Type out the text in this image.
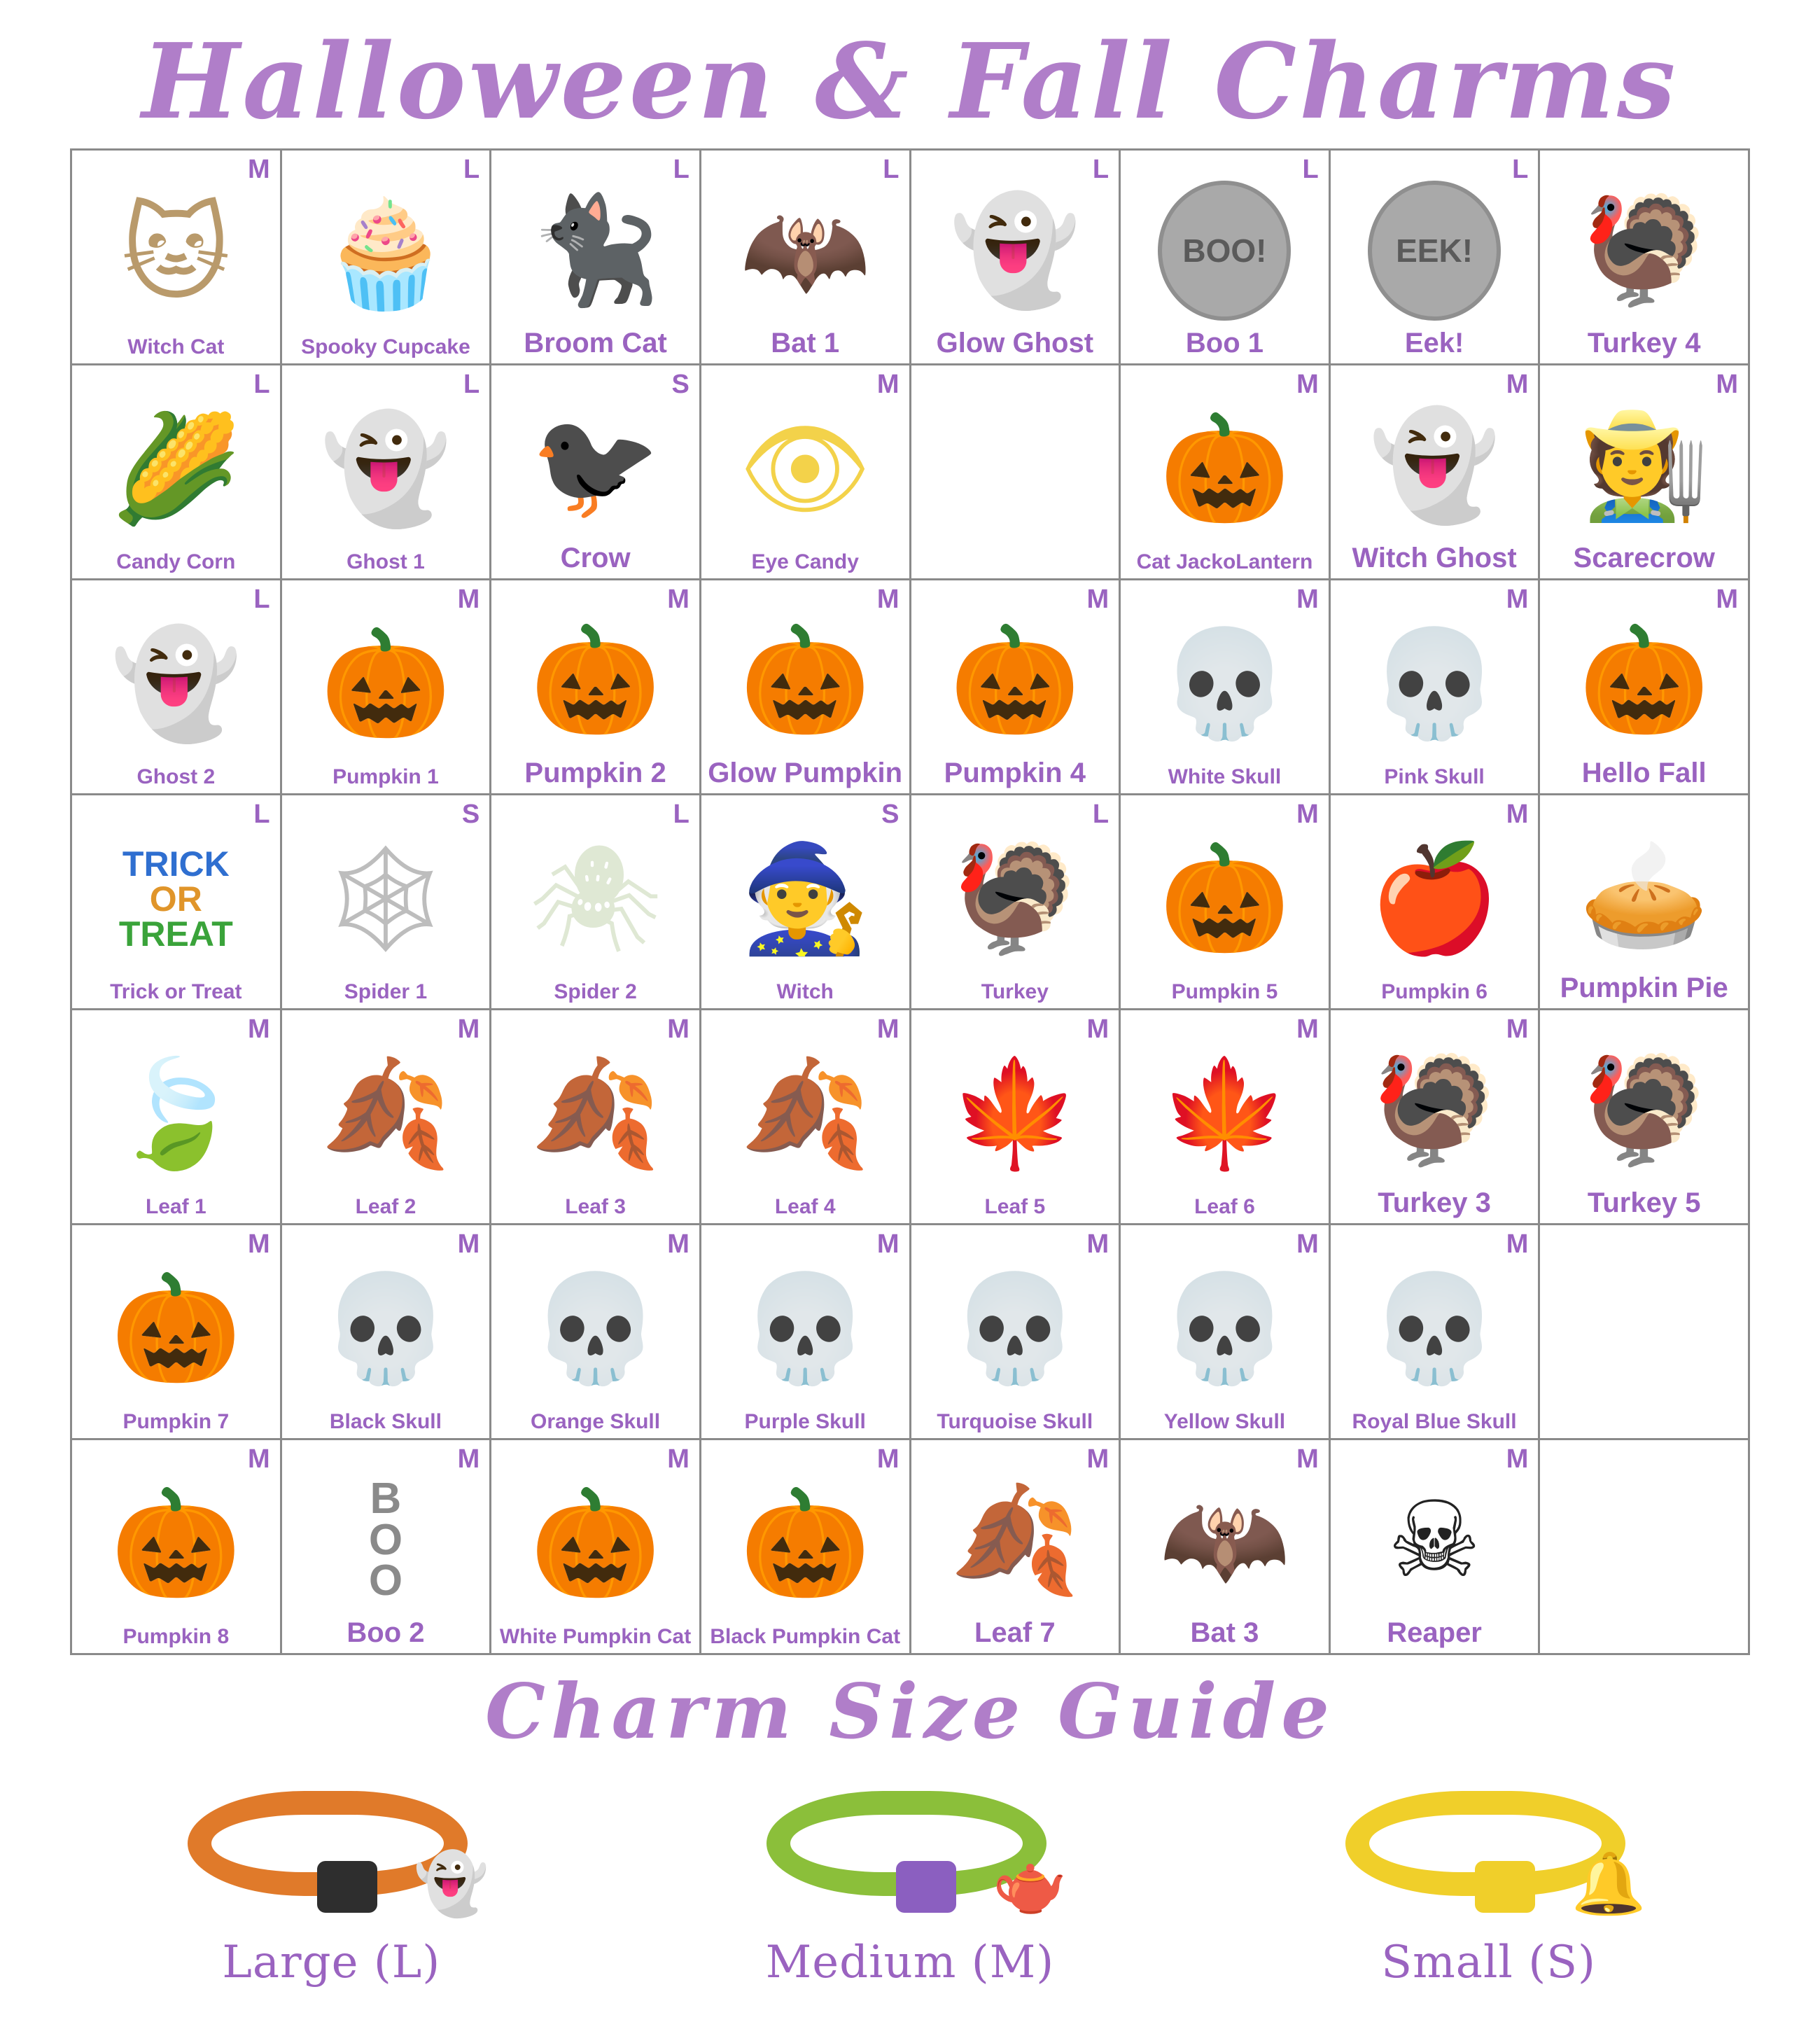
Halloween & Fall Charms
M
🐱
Witch Cat
L
🧁
Spooky Cupcake
L
🐈‍⬛
Broom Cat
L
🦇
Bat 1
L
👻
Glow Ghost
L
BOO!
Boo 1
L
EEK!
Eek!
🦃
Turkey 4
L
🌽
Candy Corn
L
👻
Ghost 1
S
🐦‍⬛
Crow
M
👁
Eye Candy
M
🎃
Cat JackoLantern
M
👻
Witch Ghost
M
🧑‍🌾
Scarecrow
L
👻
Ghost 2
M
🎃
Pumpkin 1
M
🎃
Pumpkin 2
M
🎃
Glow Pumpkin
M
🎃
Pumpkin 4
M
💀
White Skull
M
💀
Pink Skull
M
🎃
Hello Fall
L
TRICK
OR
TREAT
Trick or Treat
S
🕸
Spider 1
L
🕷
Spider 2
S
🧙
Witch
L
🦃
Turkey
M
🎃
Pumpkin 5
M
🍎
Pumpkin 6
🥧
Pumpkin Pie
M
🍃
Leaf 1
M
🍂
Leaf 2
M
🍂
Leaf 3
M
🍂
Leaf 4
M
🍁
Leaf 5
M
🍁
Leaf 6
M
🦃
Turkey 3
🦃
Turkey 5
M
🎃
Pumpkin 7
M
💀
Black Skull
M
💀
Orange Skull
M
💀
Purple Skull
M
💀
Turquoise Skull
M
💀
Yellow Skull
M
💀
Royal Blue Skull
M
🎃
Pumpkin 8
M
B
O
O
Boo 2
M
🎃
White Pumpkin Cat
M
🎃
Black Pumpkin Cat
M
🍂
Leaf 7
M
🦇
Bat 3
M
☠
Reaper
Charm Size Guide
👻
Large (L)
🫖
Medium (M)
🔔
Small (S)
